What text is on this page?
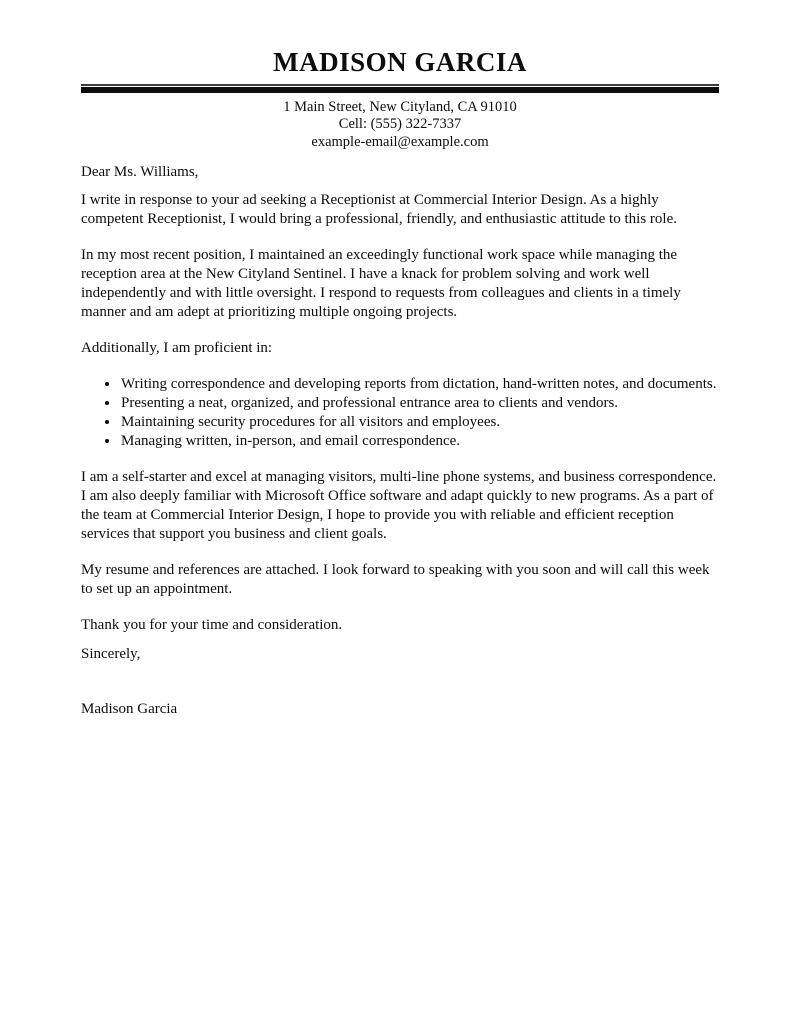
MADISON GARCIA
1 Main Street, New Cityland, CA 91010
Cell: (555) 322-7337
example-email@example.com

Dear Ms. Williams,

I write in response to your ad seeking a Receptionist at Commercial Interior Design. As a highly competent Receptionist, I would bring a professional, friendly, and enthusiastic attitude to this role.

In my most recent position, I maintained an exceedingly functional work space while managing the reception area at the New Cityland Sentinel. I have a knack for problem solving and work well independently and with little oversight. I respond to requests from colleagues and clients in a timely manner and am adept at prioritizing multiple ongoing projects.

Additionally, I am proficient in:

• Writing correspondence and developing reports from dictation, hand-written notes, and documents.
• Presenting a neat, organized, and professional entrance area to clients and vendors.
• Maintaining security procedures for all visitors and employees.
• Managing written, in-person, and email correspondence.

I am a self-starter and excel at managing visitors, multi-line phone systems, and business correspondence. I am also deeply familiar with Microsoft Office software and adapt quickly to new programs. As a part of the team at Commercial Interior Design, I hope to provide you with reliable and efficient reception services that support you business and client goals.

My resume and references are attached. I look forward to speaking with you soon and will call this week to set up an appointment.

Thank you for your time and consideration.

Sincerely,

Madison Garcia
